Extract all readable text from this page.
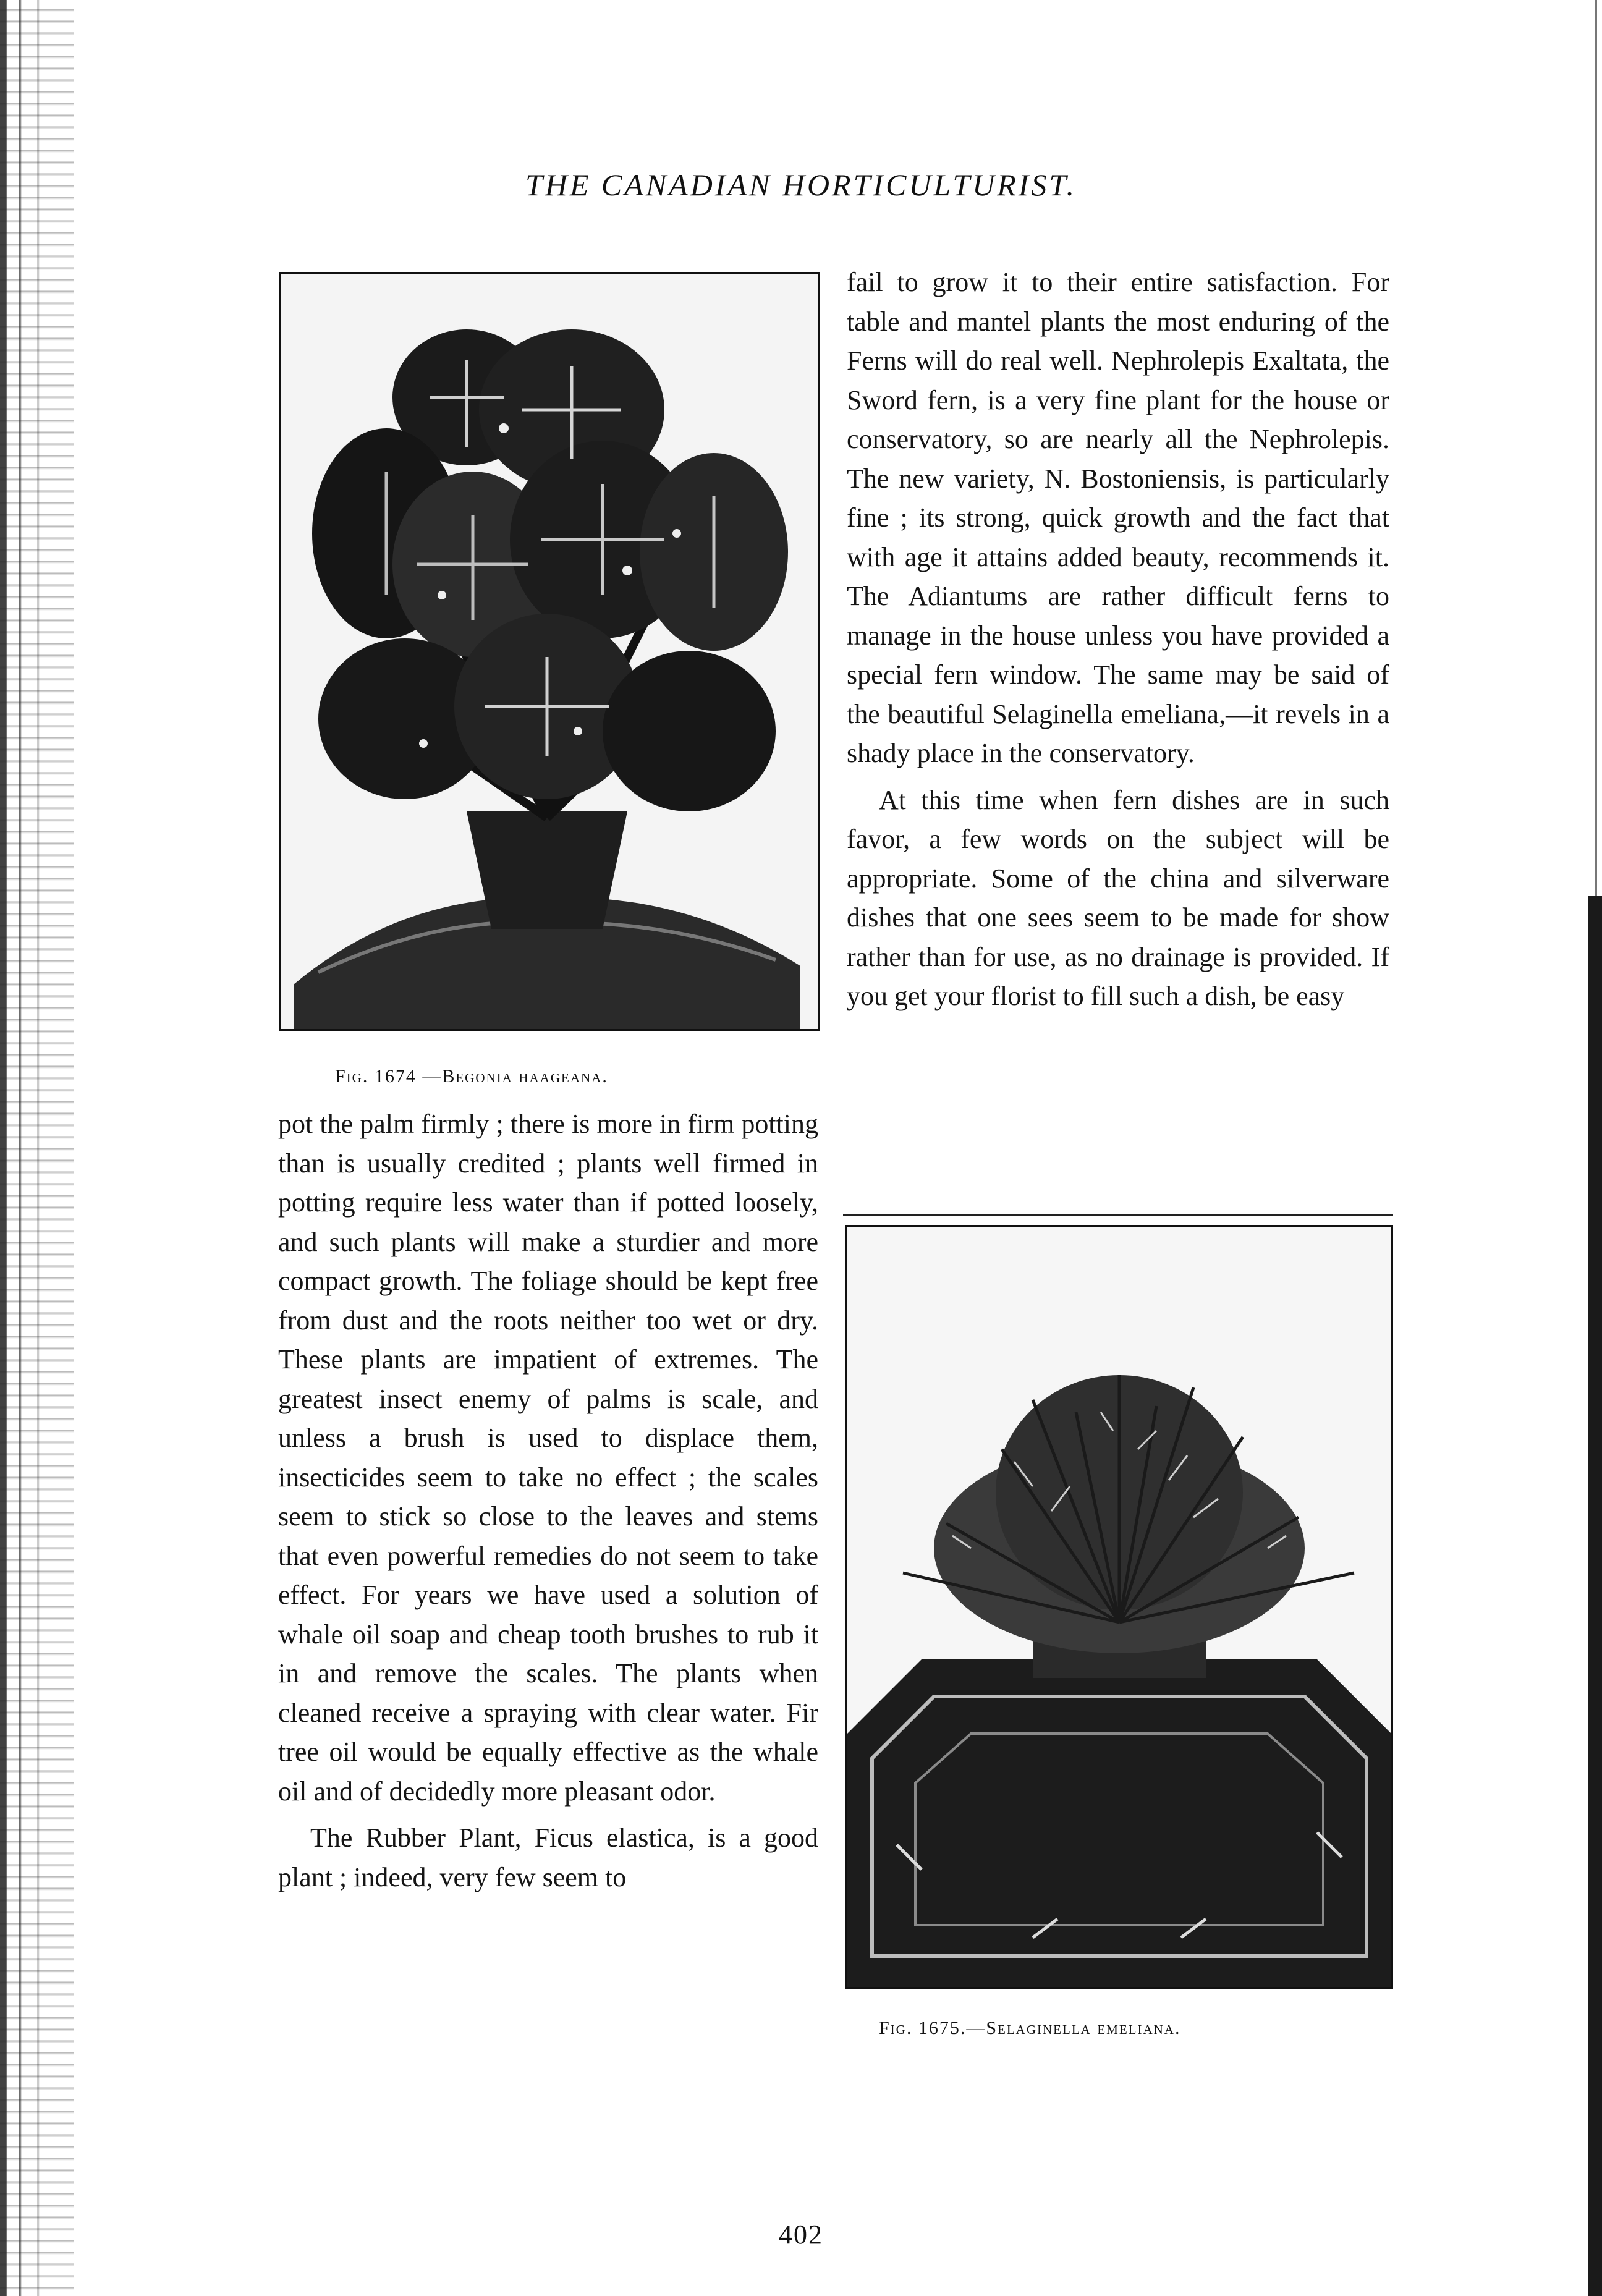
THE CANADIAN HORTICULTURIST.
Fig. 1674 —Begonia haageana.

pot the palm firmly ; there is more in firm potting than is usually credited ; plants well firmed in potting require less water than if potted loosely, and such plants will make a sturdier and more compact growth. The foliage should be kept free from dust and the roots neither too wet or dry. These plants are impatient of extremes. The greatest insect enemy of palms is scale, and unless a brush is used to displace them, insecticides seem to take no effect ; the scales seem to stick so close to the leaves and stems that even powerful remedies do not seem to take effect. For years we have used a solution of whale oil soap and cheap tooth brushes to rub it in and remove the scales. The plants when cleaned receive a spraying with clear water. Fir tree oil would be equally effective as the whale oil and of decidedly more pleasant odor.

The Rubber Plant, Ficus elastica, is a good plant ; indeed, very few seem to

fail to grow it to their entire satisfaction. For table and mantel plants the most enduring of the Ferns will do real well. Nephrolepis Exaltata, the Sword fern, is a very fine plant for the house or conservatory, so are nearly all the Nephrolepis. The new variety, N. Bostoniensis, is particularly fine ; its strong, quick growth and the fact that with age it attains added beauty, recommends it. The Adiantums are rather difficult ferns to manage in the house unless you have provided a special fern window. The same may be said of the beautiful Selaginella emeliana,—it revels in a shady place in the conservatory.

At this time when fern dishes are in such favor, a few words on the subject will be appropriate. Some of the china and silverware dishes that one sees seem to be made for show rather than for use, as no drainage is provided. If you get your florist to fill such a dish, be easy

Fig. 1675.—Selaginella emeliana.
402
